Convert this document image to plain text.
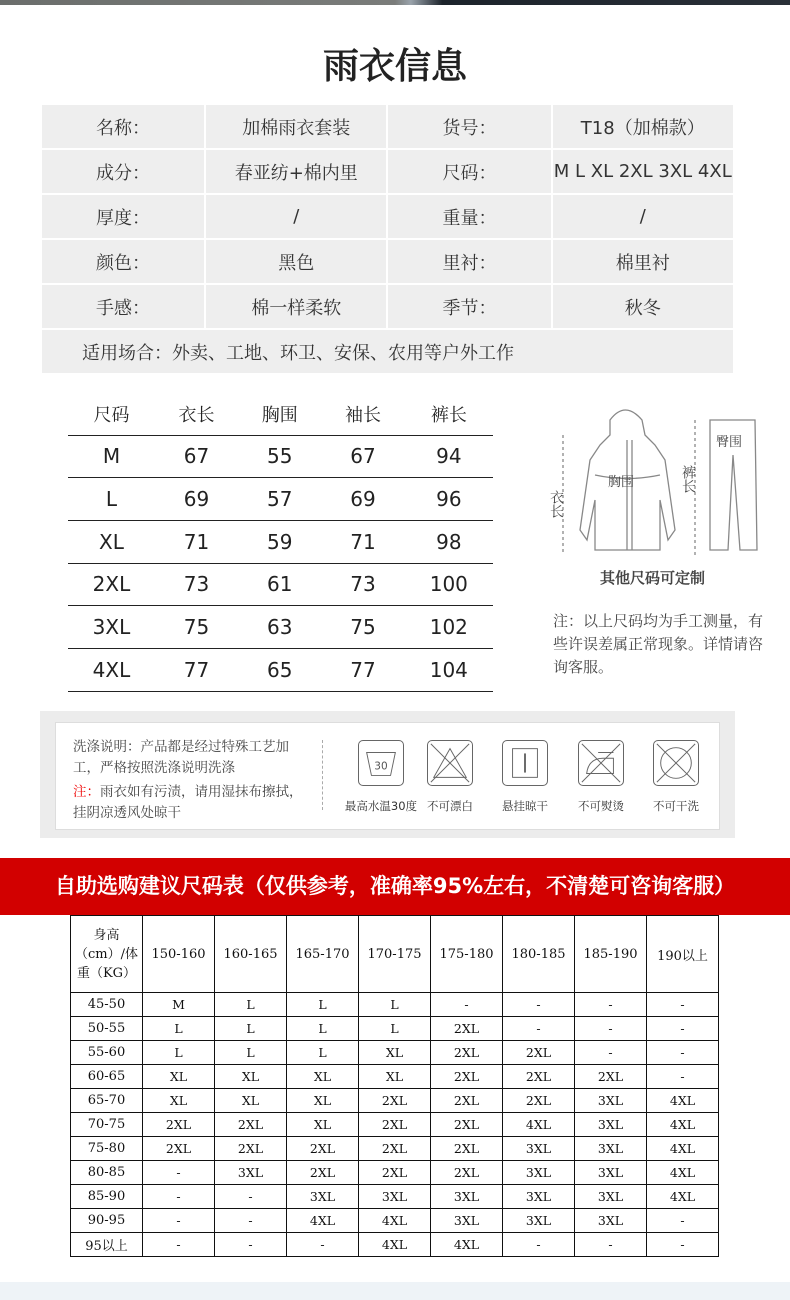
雨衣信息
名称：	加棉雨衣套装	货号：	T18（加棉款）
成分：	春亚纺+棉内里	尺码：	M L XL 2XL 3XL 4XL
厚度：	/	重量：	/
颜色：	黑色	里衬：	棉里衬
手感：	棉一样柔软	季节：	秋冬
适用场合：外卖、工地、环卫、安保、农用等户外工作			
尺码	衣长	胸围	袖长	裤长
M	67	55	67	94
L	69	57	69	96
XL	71	59	71	98
2XL	73	61	73	100
3XL	75	63	75	102
4XL	77	65	77	104
衣长
胸围	裤长
臀围
其他尺码可定制
注：以上尺码均为手工测量，有些许误差属正常现象。详情请咨询客服。
洗涤说明：产品都是经过特殊工艺加工，严格按照洗涤说明洗涤
注：雨衣如有污渍，请用湿抹布擦拭，挂阴凉透风处晾干
30
最高水温30度 不可漂白	悬挂晾干	不可熨烫	不可干洗
自助选购建议尺码表（仅供参考，准确率95%左右，不清楚可咨询客服）
身高（cm）/体重（KG）	150-160	160-165	165-170	170-175	175-180	180-185	185-190	190以上
45-50	M	L	L	L	-	-	-	-
50-55	L	L	L	L	2XL	-	-	-
55-60	L	L	L	XL	2XL	2XL	-	-
60-65	XL	XL	XL	XL	2XL	2XL	2XL	-
65-70	XL	XL	XL	2XL	2XL	2XL	3XL	4XL
70-75	2XL	2XL	XL	2XL	2XL	4XL	3XL	4XL
75-80	2XL	2XL	2XL	2XL	2XL	3XL	3XL	4XL
80-85	-	3XL	2XL	2XL	2XL	3XL	3XL	4XL
85-90	-	-	3XL	3XL	3XL	3XL	3XL	4XL
90-95	-	-	4XL	4XL	3XL	3XL	3XL	-
95以上	-	-	-	4XL	4XL	-	-	-
